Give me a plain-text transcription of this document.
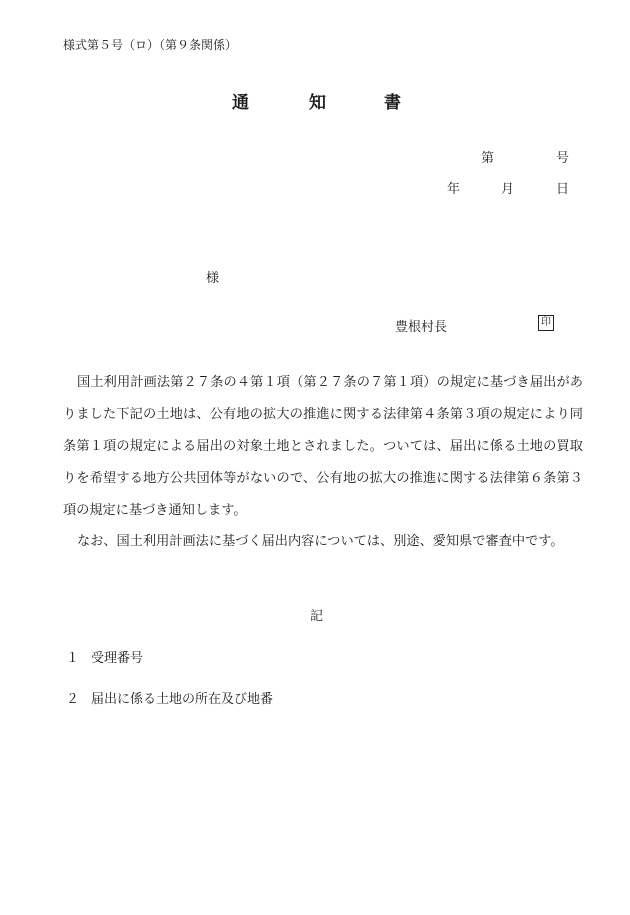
様式第５号（ロ）（第９条関係）
通	知	書
第	号
年	月	日
様
豊根村長	印

国土利用計画法第２７条の４第１項（第２７条の７第１項）の規定に基づき届出がありました下記の土地は、公有地の拡大の推進に関する法律第４条第３項の規定により同条第１項の規定による届出の対象土地とされました。ついては、届出に係る土地の買取りを希望する地方公共団体等がないので、公有地の拡大の推進に関する法律第６条第３項の規定に基づき通知します。

なお、国土利用計画法に基づく届出内容については、別途、愛知県で審査中です。

記
１ 受理番号
２ 届出に係る土地の所在及び地番
